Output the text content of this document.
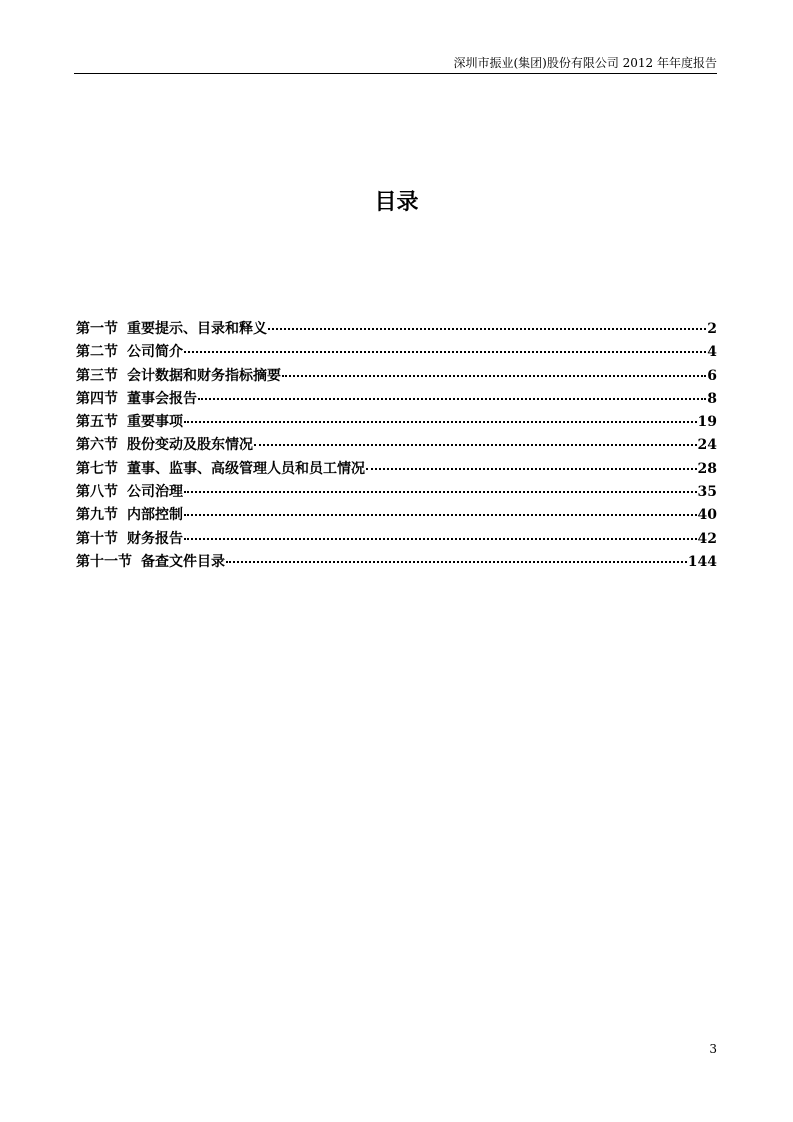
深圳市振业(集团)股份有限公司 2012 年年度报告
目录
第一节 重要提示、目录和释义	2
第二节 公司简介	4
第三节 会计数据和财务指标摘要	6
第四节 董事会报告	8
第五节 重要事项	19
第六节 股份变动及股东情况	24
第七节 董事、监事、高级管理人员和员工情况	28
第八节 公司治理	35
第九节 内部控制	40
第十节 财务报告	42
第十一节 备查文件目录	144
3
